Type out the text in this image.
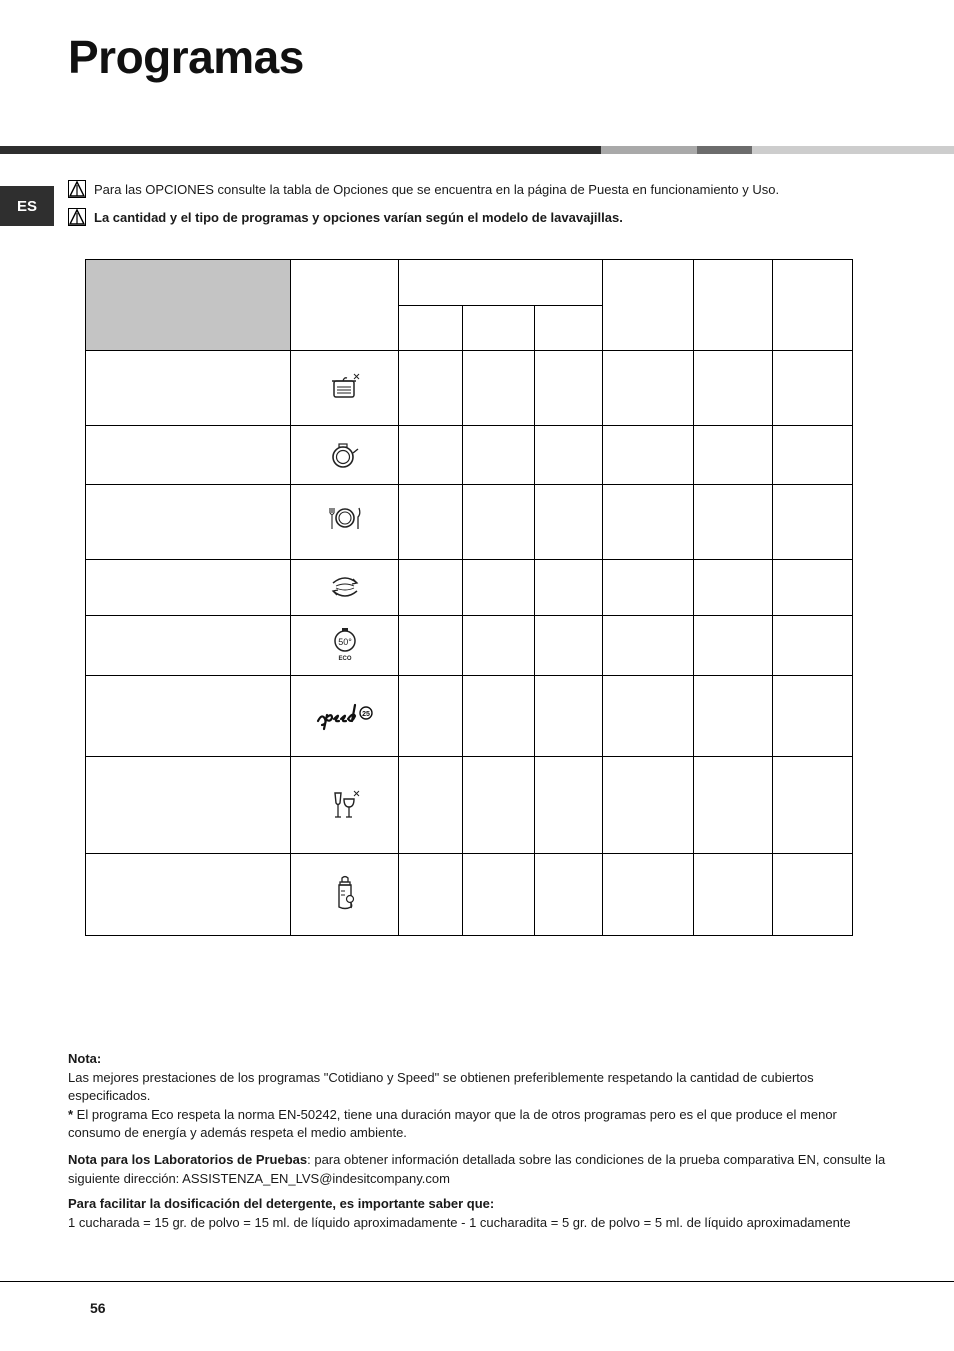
Programas
ES
Para las OPCIONES consulte la tabla de Opciones que se encuentra en la página de Puesta en funcionamiento y Uso.
La cantidad y el tipo de programas y opciones varían según el modelo de lavavajillas.

50°
ECO						

25						

Nota:

Las mejores prestaciones de los programas "Cotidiano y Speed" se obtienen preferiblemente respetando la cantidad de cubiertos especificados.

* El programa Eco respeta la norma EN-50242, tiene una duración mayor que la de otros programas pero es el que produce el menor consumo de energía y además respeta el medio ambiente.

Nota para los Laboratorios de Pruebas: para obtener información detallada sobre las condiciones de la prueba comparativa EN, consulte la siguiente dirección: ASSISTENZA_EN_LVS@indesitcompany.com

Para facilitar la dosificación del detergente, es importante saber que:

1 cucharada = 15 gr. de polvo = 15 ml. de líquido aproximadamente - 1 cucharadita = 5 gr. de polvo = 5 ml. de líquido aproximadamente

56
